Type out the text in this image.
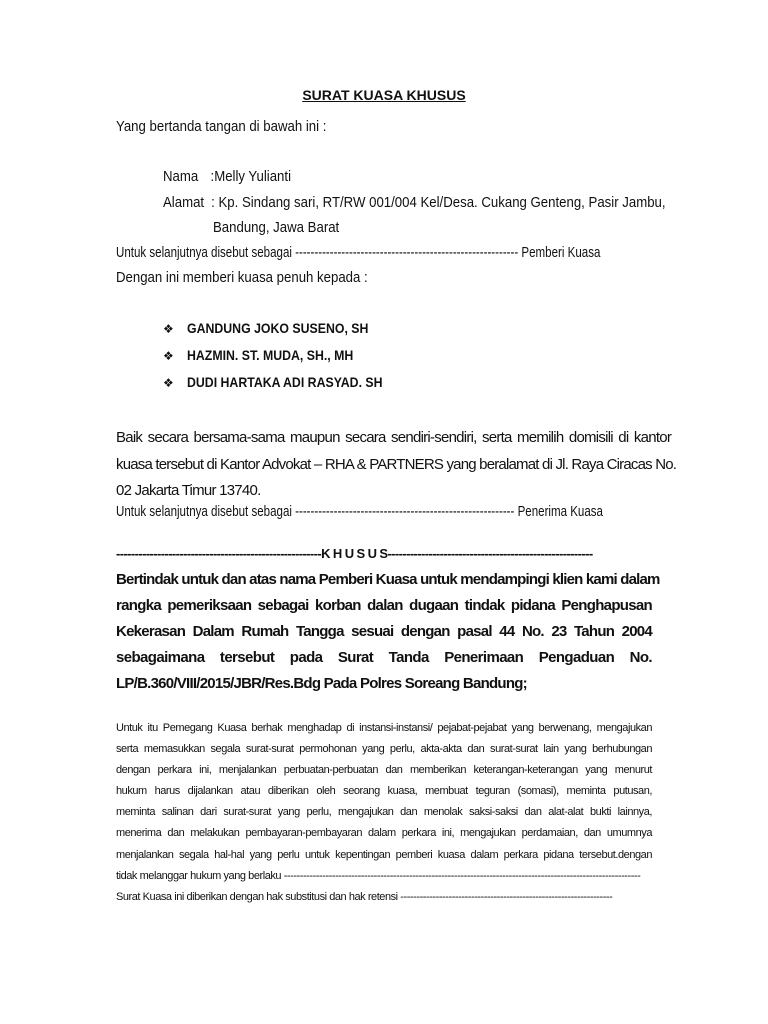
SURAT KUASA KHUSUS
Yang bertanda tangan di bawah ini :
Nama :Melly Yulianti
Alamat : Kp. Sindang sari, RT/RW 001/004 Kel/Desa. Cukang Genteng, Pasir Jambu,
Bandung, Jawa Barat
Untuk selanjutnya disebut sebagai ---------------------------------------------------------- Pemberi Kuasa
Dengan ini memberi kuasa penuh kepada :
❖ GANDUNG JOKO SUSENO, SH
❖ HAZMIN. ST. MUDA, SH., MH
❖ DUDI HARTAKA ADI RASYAD. SH
Baik secara bersama-sama maupun secara sendiri-sendiri, serta memilih domisili di kantor
kuasa tersebut di Kantor Advokat – RHA & PARTNERS yang beralamat di Jl. Raya Ciracas No.
02 Jakarta Timur 13740.
Untuk selanjutnya disebut sebagai --------------------------------------------------------- Penerima Kuasa
-------------------------------------------------------K H U S U S-------------------------------------------------------
Bertindak untuk dan atas nama Pemberi Kuasa untuk mendampingi klien kami dalam
rangka pemeriksaan sebagai korban dalan dugaan tindak pidana Penghapusan
Kekerasan Dalam Rumah Tangga sesuai dengan pasal 44 No. 23 Tahun 2004
sebagaimana tersebut pada Surat Tanda Penerimaan Pengaduan No.
LP/B.360/VIII/2015/JBR/Res.Bdg Pada Polres Soreang Bandung;
Untuk itu Pemegang Kuasa berhak menghadap di instansi-instansi/ pejabat-pejabat yang berwenang, mengajukan
serta memasukkan segala surat-surat permohonan yang perlu, akta-akta dan surat-surat lain yang berhubungan
dengan perkara ini, menjalankan perbuatan-perbuatan dan memberikan keterangan-keterangan yang menurut
hukum harus dijalankan atau diberikan oleh seorang kuasa, membuat teguran (somasi), meminta putusan,
meminta salinan dari surat-surat yang perlu, mengajukan dan menolak saksi-saksi dan alat-alat bukti lainnya,
menerima dan melakukan pembayaran-pembayaran dalam perkara ini, mengajukan perdamaian, dan umumnya
menjalankan segala hal-hal yang perlu untuk kepentingan pemberi kuasa dalam perkara pidana tersebut.dengan
tidak melanggar hukum yang berlaku ---------------------------------------------------------------------------------------------------------------
Surat Kuasa ini diberikan dengan hak substitusi dan hak retensi ------------------------------------------------------------------
